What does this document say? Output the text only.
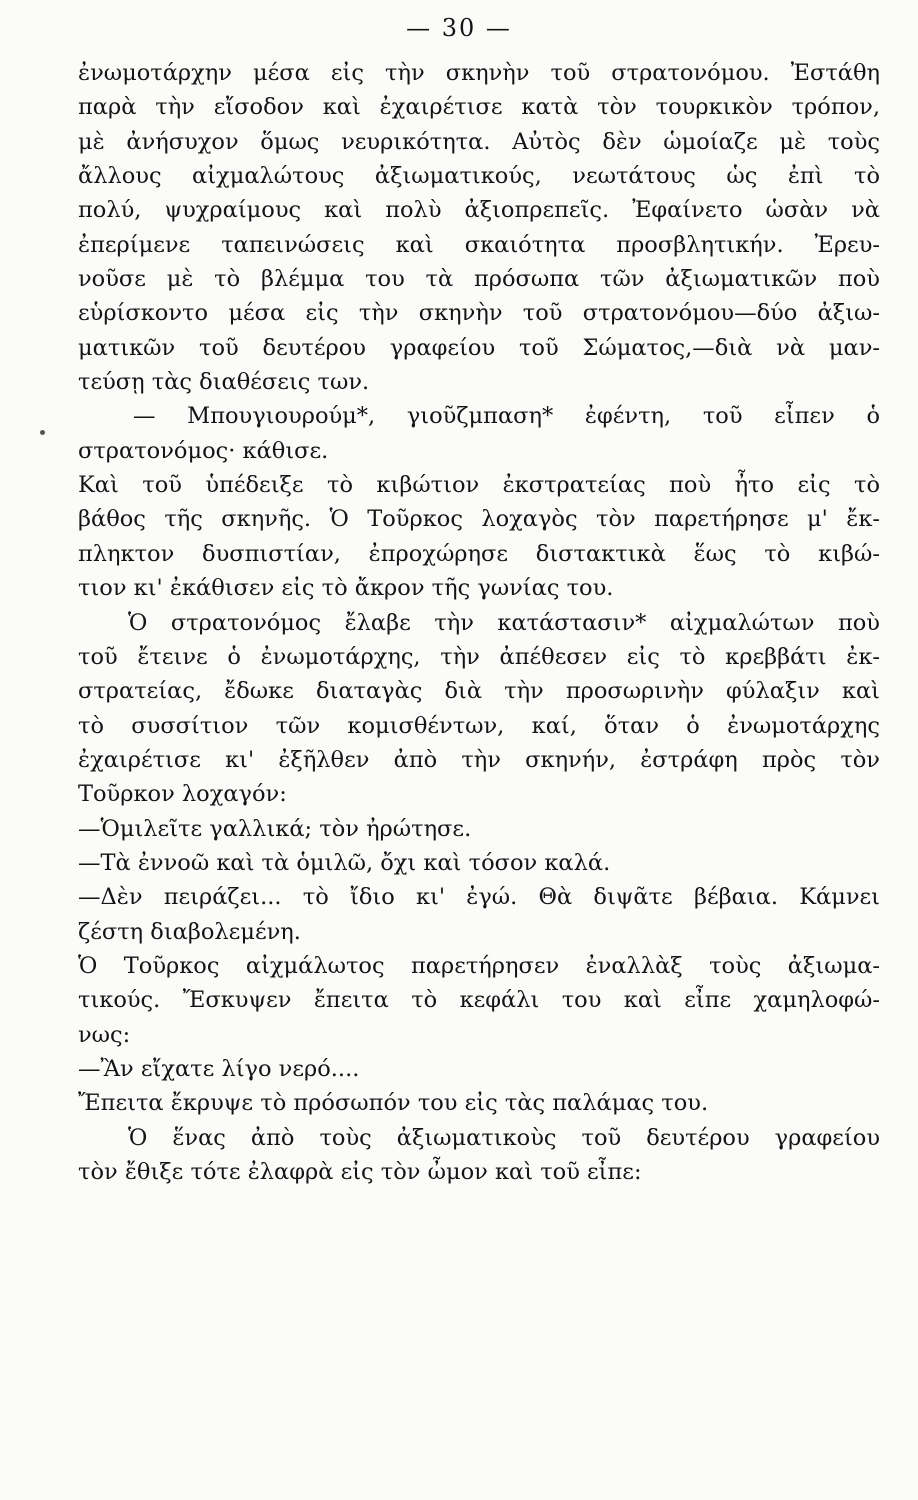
— 30 —
ἐνωμοτάρχην μέσα εἰς τὴν σκηνὴν τοῦ στρατονόμου. Ἐστάθη
παρὰ τὴν εἴσοδον καὶ ἐχαιρέτισε κατὰ τὸν τουρκικὸν τρόπον,
μὲ ἀνήσυχον ὅμως νευρικότητα. Αὐτὸς δὲν ὡμοίαζε μὲ τοὺς
ἄλλους αἰχμαλώτους ἀξιωματικούς, νεωτάτους ὡς ἐπὶ τὸ
πολύ, ψυχραίμους καὶ πολὺ ἀξιοπρεπεῖς. Ἐφαίνετο ὡσὰν νὰ
ἐπερίμενε ταπεινώσεις καὶ σκαιότητα προσβλητικήν. Ἐρευ-
νοῦσε μὲ τὸ βλέμμα του τὰ πρόσωπα τῶν ἀξιωματικῶν ποὺ
εὑρίσκοντο μέσα εἰς τὴν σκηνὴν τοῦ στρατονόμου—δύο ἀξιω-
ματικῶν τοῦ δευτέρου γραφείου τοῦ Σώματος,—διὰ νὰ μαν-
τεύσῃ τὰς διαθέσεις των.
— Μπουγιουρούμ*, γιοῦζμπαση* ἐφέντη, τοῦ εἶπεν ὁ
στρατονόμος· κάθισε.
Καὶ τοῦ ὑπέδειξε τὸ κιβώτιον ἐκστρατείας ποὺ ἦτο εἰς τὸ
βάθος τῆς σκηνῆς. Ὁ Τοῦρκος λοχαγὸς τὸν παρετήρησε μ' ἔκ-
πληκτον δυσπιστίαν, ἐπροχώρησε διστακτικὰ ἕως τὸ κιβώ-
τιον κι' ἐκάθισεν εἰς τὸ ἄκρον τῆς γωνίας του.
Ὁ στρατονόμος ἔλαβε τὴν κατάστασιν* αἰχμαλώτων ποὺ
τοῦ ἔτεινε ὁ ἐνωμοτάρχης, τὴν ἀπέθεσεν εἰς τὸ κρεββάτι ἐκ-
στρατείας, ἔδωκε διαταγὰς διὰ τὴν προσωρινὴν φύλαξιν καὶ
τὸ συσσίτιον τῶν κομισθέντων, καί, ὅταν ὁ ἐνωμοτάρχης
ἐχαιρέτισε κι' ἐξῆλθεν ἀπὸ τὴν σκηνήν, ἐστράφη πρὸς τὸν
Τοῦρκον λοχαγόν:
—Ὁμιλεῖτε γαλλικά; τὸν ἠρώτησε.
—Τὰ ἐννοῶ καὶ τὰ ὁμιλῶ, ὄχι καὶ τόσον καλά.
—Δὲν πειράζει... τὸ ἴδιο κι' ἐγώ. Θὰ διψᾶτε βέβαια. Κάμνει
ζέστη διαβολεμένη.
Ὁ Τοῦρκος αἰχμάλωτος παρετήρησεν ἐναλλὰξ τοὺς ἀξιωμα-
τικούς. Ἔσκυψεν ἔπειτα τὸ κεφάλι του καὶ εἶπε χαμηλοφώ-
νως:
—Ἂν εἴχατε λίγο νερό....
Ἔπειτα ἔκρυψε τὸ πρόσωπόν του εἰς τὰς παλάμας του.
Ὁ ἕνας ἀπὸ τοὺς ἀξιωματικοὺς τοῦ δευτέρου γραφείου
τὸν ἔθιξε τότε ἐλαφρὰ εἰς τὸν ὦμον καὶ τοῦ εἶπε:
